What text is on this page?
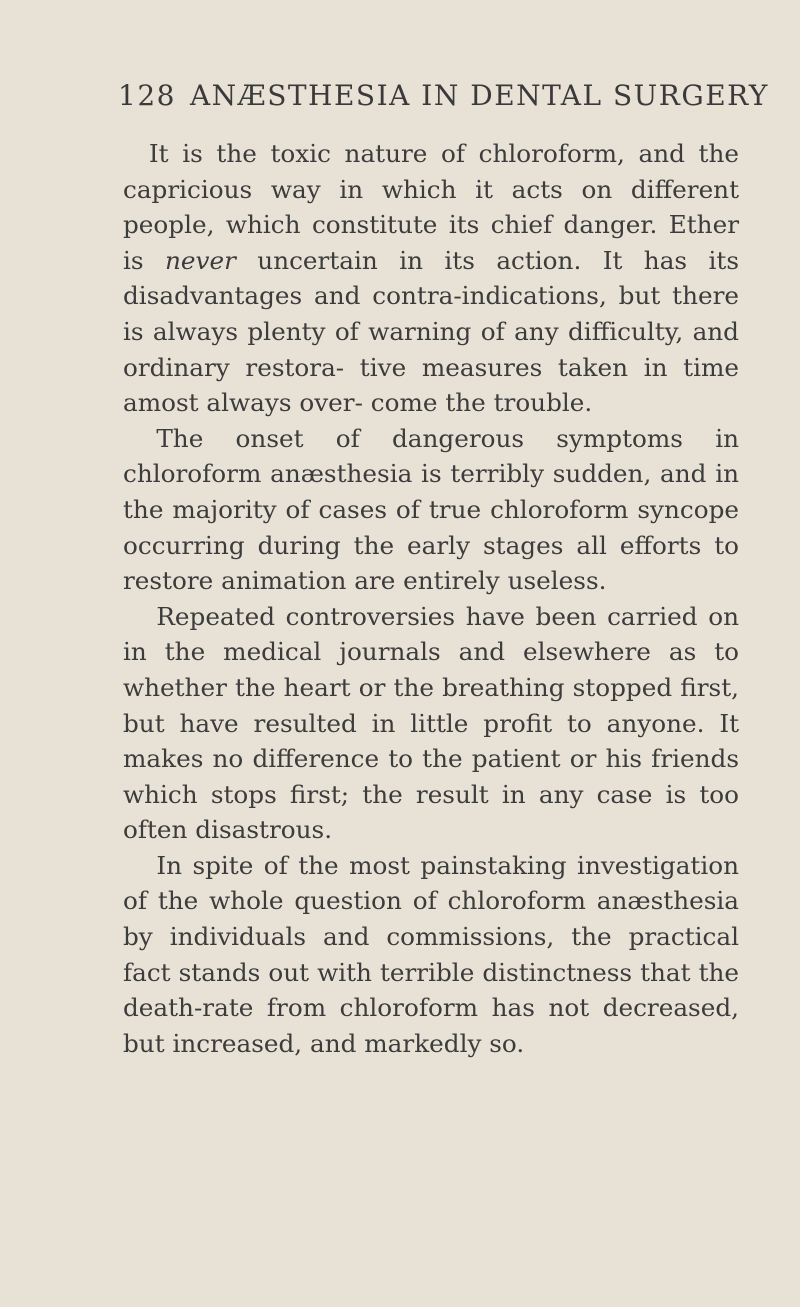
128 ANÆSTHESIA IN DENTAL SURGERY

It is the toxic nature of chloroform, and the capricious way in which it acts on different people, which constitute its chief danger. Ether is never uncertain in its action. It has its disadvantages and contra-indications, but there is always plenty of warning of any difficulty, and ordinary restora- tive measures taken in time amost always over- come the trouble.

The onset of dangerous symptoms in chloroform anæsthesia is terribly sudden, and in the majority of cases of true chloroform syncope occurring during the early stages all efforts to restore animation are entirely useless.

Repeated controversies have been carried on in the medical journals and elsewhere as to whether the heart or the breathing stopped first, but have resulted in little profit to anyone. It makes no difference to the patient or his friends which stops first; the result in any case is too often disastrous.

In spite of the most painstaking investigation of the whole question of chloroform anæsthesia by individuals and commissions, the practical fact stands out with terrible distinctness that the death-rate from chloroform has not decreased, but increased, and markedly so.
